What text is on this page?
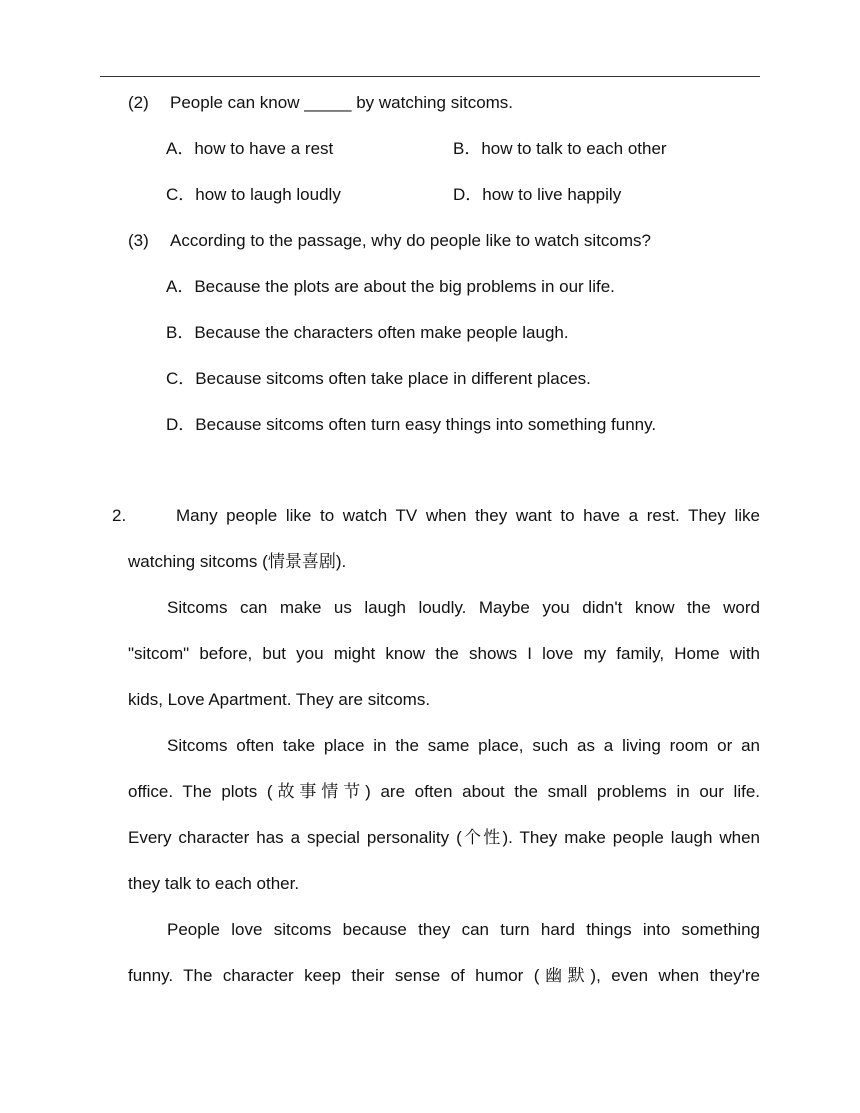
(2) People can know _____ by watching sitcoms.
A．how to have a rest	B．how to talk to each other
C．how to laugh loudly	D．how to live happily
(3) According to the passage, why do people like to watch sitcoms?
A．Because the plots are about the big problems in our life.
B．Because the characters often make people laugh.
C．Because sitcoms often take place in different places.
D．Because sitcoms often turn easy things into something funny.
2.	Many people like to watch TV when they want to have a rest. They like
watching sitcoms (情景喜剧).
Sitcoms can make us laugh loudly. Maybe you didn't know the word
"sitcom" before, but you might know the shows I love my family, Home with
kids, Love Apartment. They are sitcoms.
Sitcoms often take place in the same place, such as a living room or an
office. The plots (故事情节) are often about the small problems in our life.
Every character has a special personality (个性). They make people laugh when
they talk to each other.
People love sitcoms because they can turn hard things into something
funny. The character keep their sense of humor (幽默), even when they're
